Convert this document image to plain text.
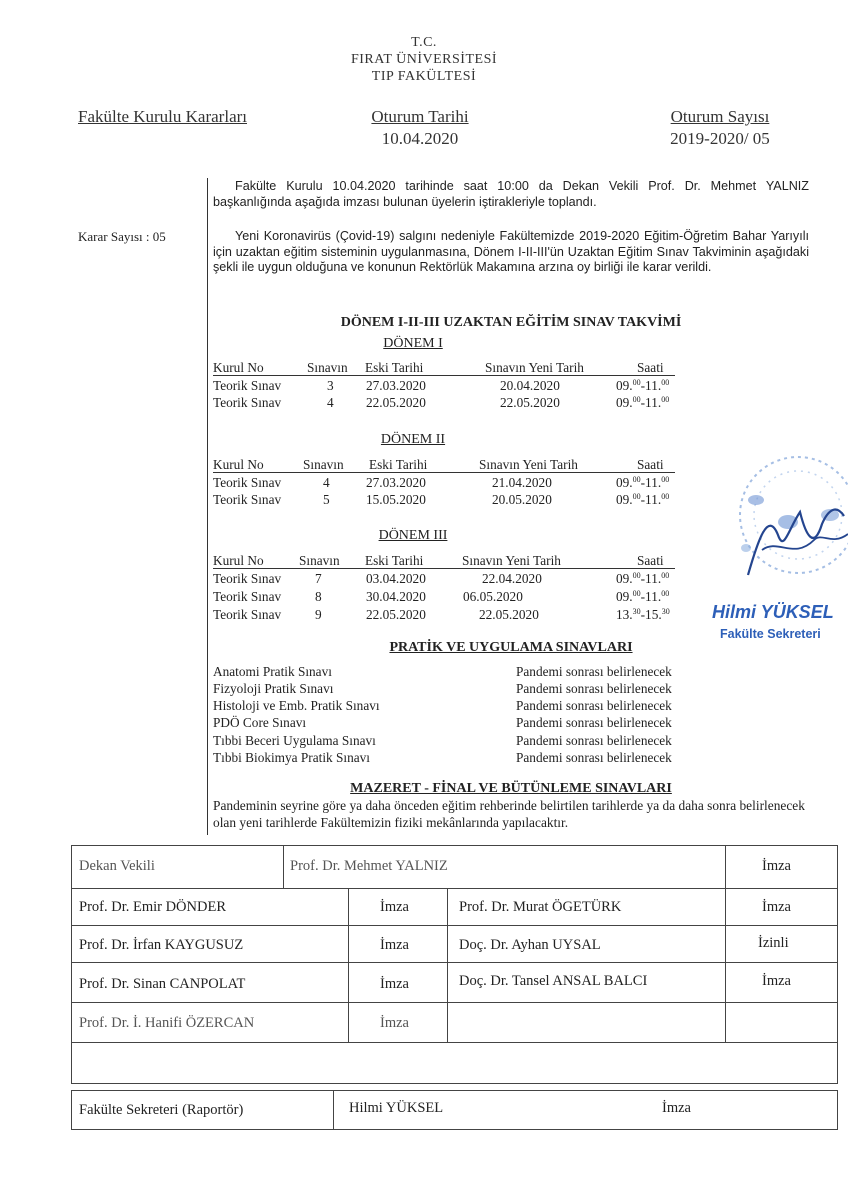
T.C.
FIRAT ÜNİVERSİTESİ
TIP FAKÜLTESİ
Fakülte Kurulu Kararları	Oturum Tarihi
10.04.2020
Oturum Sayısı
2019-2020/ 05
Fakülte Kurulu 10.04.2020 tarihinde saat 10:00 da Dekan Vekili Prof. Dr. Mehmet YALNIZ başkanlığında aşağıda imzası bulunan üyelerin iştirakleriyle toplandı.
Karar Sayısı : 05	Yeni Koronavirüs (Çovid-19) salgını nedeniyle Fakültemizde 2019-2020 Eğitim-Öğretim Bahar Yarıyılı için uzaktan eğitim sisteminin uygulanmasına, Dönem I-II-III'ün Uzaktan Eğitim Sınav Takviminin aşağıdaki şekli ile uygun olduğuna ve konunun Rektörlük Makamına arzına oy birliği ile karar verildi.
DÖNEM I-II-III UZAKTAN EĞİTİM SINAV TAKVİMİ
DÖNEM I
Kurul No	Sınavın Eski Tarihi	Sınavın Yeni Tarih	Saati
Teorik Sınav	3 27.03.2020	20.04.2020	09.00-11.00
Teorik Sınav	4 22.05.2020	22.05.2020	09.00-11.00
DÖNEM II
Kurul No	Sınavın Eski Tarihi	Sınavın Yeni Tarih	Saati
Teorik Sınav	4	27.03.2020	21.04.2020	09.00-11.00
Teorik Sınav	5	15.05.2020	20.05.2020	09.00-11.00
DÖNEM III
Kurul No	Sınavın Eski Tarihi	Sınavın Yeni Tarih	Saati
Teorik Sınav	7	03.04.2020	22.04.2020	09.00-11.00
Teorik Sınav	8	30.04.2020	06.05.2020	09.00-11.00
Teorik Sınav	9	22.05.2020	22.05.2020	13.30-15.30
PRATİK VE UYGULAMA SINAVLARI
Anatomi Pratik Sınavı	Pandemi sonrası belirlenecek
Fizyoloji Pratik Sınavı	Pandemi sonrası belirlenecek
Histoloji ve Emb. Pratik Sınavı	Pandemi sonrası belirlenecek
PDÖ Core Sınavı	Pandemi sonrası belirlenecek
Tıbbi Beceri Uygulama Sınavı	Pandemi sonrası belirlenecek
Tıbbi Biokimya Pratik Sınavı	Pandemi sonrası belirlenecek
MAZERET - FİNAL VE BÜTÜNLEME SINAVLARI
Pandeminin seyrine göre ya daha önceden eğitim rehberinde belirtilen tarihlerde ya da daha sonra belirlenecek olan yeni tarihlerde Fakültemizin fiziki mekânlarında yapılacaktır.
Hilmi YÜKSEL
Fakülte Sekreteri
Dekan Vekili	Prof. Dr. Mehmet YALNIZ	İmza
Prof. Dr. Emir DÖNDER	İmza	Prof. Dr. Murat ÖGETÜRK	İmza
Prof. Dr. İrfan KAYGUSUZ	İmza	Doç. Dr. Ayhan UYSAL	İzinli
Prof. Dr. Sinan CANPOLAT	İmza	Doç. Dr. Tansel ANSAL BALCI	İmza
Prof. Dr. İ. Hanifi ÖZERCAN	İmza
Fakülte Sekreteri (Raportör)	Hilmi YÜKSEL	İmza
